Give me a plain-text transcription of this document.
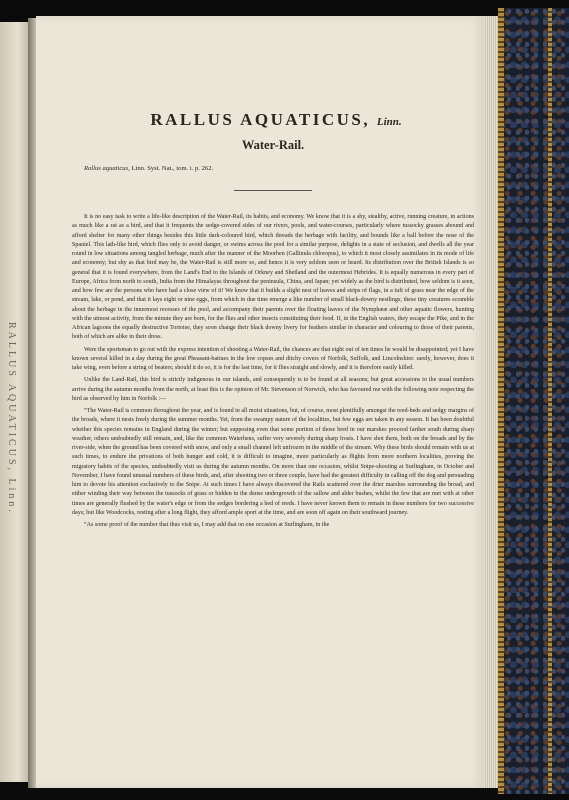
RALLUS AQUATICUS, Linn.
RALLUS AQUATICUS, Linn.
Water-Rail.
Rallus aquaticus, Linn. Syst. Nat., tom. i. p. 262.

It is no easy task to write a life-like description of the Water-Rail, its habits, and economy. We know that it is a shy, stealthy, active, running creature, in actions as much like a rat as a bird, and that it frequents the sedge-covered sides of our rivers, pools, and water-courses, particularly where tussocky grasses abound and afford shelter for many other things besides this little dark-coloured bird, which threads the herbage with facility, and bounds like a ball before the nose of the Spaniel. This lath-like bird, which flies only to avoid danger, or swims across the pool for a similar purpose, delights in a state of seclusion, and dwells all the year round in low situations among tangled herbage, much after the manner of the Moorhen (Gallinula chloropus), to which it most closely assimilates in its mode of life and economy; but shy as that bird may be, the Water-Rail is still more so, and hence it is very seldom seen or heard. Its distribution over the British Islands is so general that it is found everywhere, from the Land's End to the Islands of Orkney and Shetland and the outermost Hebrides. It is equally numerous in every part of Europe, Africa from north to south, India from the Himalayas throughout the peninsula, China, and Japan; yet widely as the bird is distributed, how seldom is it seen, and how few are the persons who have had a close view of it! We know that it builds a slight nest of leaves and strips of flags, in a tuft of grass near the edge of the stream, lake, or pond, and that it lays eight or nine eggs, from which in due time emerge a like number of small black-downy nestlings; these tiny creatures scramble about the herbage in the innermost recesses of the pool, and accompany their parents over the floating leaves of the Nymphææ and other aquatic flowers, hunting with the utmost activity, from the minute they are born, for the flies and other insects constituting their food. If, in the English waters, they escape the Pike, and in the African lagoons the equally destructive Tortoise, they soon change their black downy livery for feathers similar in character and colouring to those of their parents, both of which are alike in their dress.

Were the sportsman to go out with the express intention of shooting a Water-Rail, the chances are that eight out of ten times he would be disappointed; yet I have known several killed in a day during the great Pheasant-battues in the low copses and ditchy covers of Norfolk, Suffolk, and Lincolnshire: rarely, however, does it take wing, even before a string of beaters; should it do so, it is for the last time, for it flies straight and slowly, and it is therefore easily killed.

Unlike the Land-Rail, this bird is strictly indigenous in our islands, and consequently is to be found at all seasons; but great accessions to the usual numbers arrive during the autumn months from the north, at least this is the opinion of Mr. Stevenson of Norwich, who has favoured me with the following note respecting the bird as observed by him in Norfolk :—

“The Water-Rail is common throughout the year, and is found in all moist situations, but, of course, most plentifully amongst the reed-beds and sedgy margins of the broads, where it nests freely during the summer months. Yet, from the swampy nature of the localities, but few eggs are taken in any season. It has been doubtful whether this species remains in England during the winter; but supposing even that some portion of those bred in our marshes proceed farther south during sharp weather, others undoubtedly still remain, and, like the common Waterhens, suffer very severely during sharp frosts. I have shot them, both on the broads and by the river-side, when the ground has been covered with snow, and only a small channel left unfrozen in the middle of the stream. Why these birds should remain with us at such times, to endure the privations of both hunger and cold, it is difficult to imagine, more particularly as flights from more northern localities, proving the migratory habits of the species, undoubtedly visit us during the autumn months. On more than one occasion, whilst Snipe-shooting at Surlingham, in October and November, I have found unusual numbers of these birds, and, after shooting two or three couple, have had the greatest difficulty in calling off the dog and persuading him to devote his attention exclusively to the Snipe. At such times I have always discovered the Rails scattered over the drier marshes surrounding the broad, and either winding their way between the tussocks of grass or hidden in the dense undergrowth of the sallow and alder bushes, whilst the few that are met with at other times are generally flushed by the water's edge or from the sedges bordering a bed of reeds. I have never known them to remain in these numbers for two successive days; but like Woodcocks, resting after a long flight, they afford ample sport at the time, and are soon off again on their southward journey.

“As some proof of the number that thus visit us, I may add that on one occasion at Surlingham, in the
